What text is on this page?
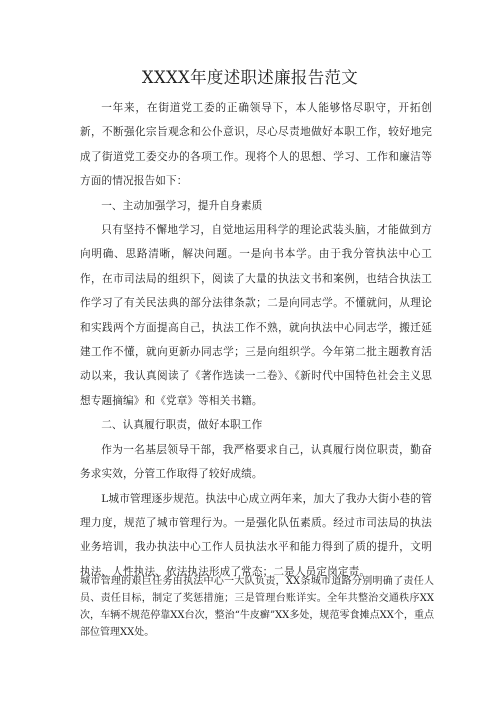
XXXX年度述职述廉报告范文

一年来，在街道党工委的正确领导下，本人能够恪尽职守，开拓创新，不断强化宗旨观念和公仆意识，尽心尽责地做好本职工作，较好地完成了街道党工委交办的各项工作。现将个人的思想、学习、工作和廉洁等方面的情况报告如下：

一、主动加强学习，提升自身素质

只有坚持不懈地学习，自觉地运用科学的理论武装头脑，才能做到方向明确、思路清晰，解决问题。一是向书本学。由于我分管执法中心工作，在市司法局的组织下，阅读了大量的执法文书和案例，也结合执法工作学习了有关民法典的部分法律条款；二是向同志学。不懂就问，从理论和实践两个方面提高自己，执法工作不熟，就向执法中心同志学，搬迁延建工作不懂，就向更新办同志学；三是向组织学。今年第二批主题教育活动以来，我认真阅读了《著作选读一二卷》、《新时代中国特色社会主义思想专题摘编》和《党章》等相关书籍。

二、认真履行职责，做好本职工作

作为一名基层领导干部，我严格要求自己，认真履行岗位职责，勤奋务求实效，分管工作取得了较好成绩。

L城市管理逐步规范。执法中心成立两年来，加大了我办大街小巷的管理力度，规范了城市管理行为。一是强化队伍素质。经过市司法局的执法业务培训，我办执法中心工作人员执法水平和能力得到了质的提升，文明执法、人性执法、依法执法形成了常态；二是人员定岗定责。

城市管理的艰巨任务由执法中心一大队负责，XX条城市道路分别明确了责任人员、责任目标，制定了奖惩措施；三是管理台账详实。全年共整治交通秩序XX次，车辆不规范停靠XX台次，整治“牛皮癣”XX多处，规范零食摊点XX个，重点部位管理XX处。
